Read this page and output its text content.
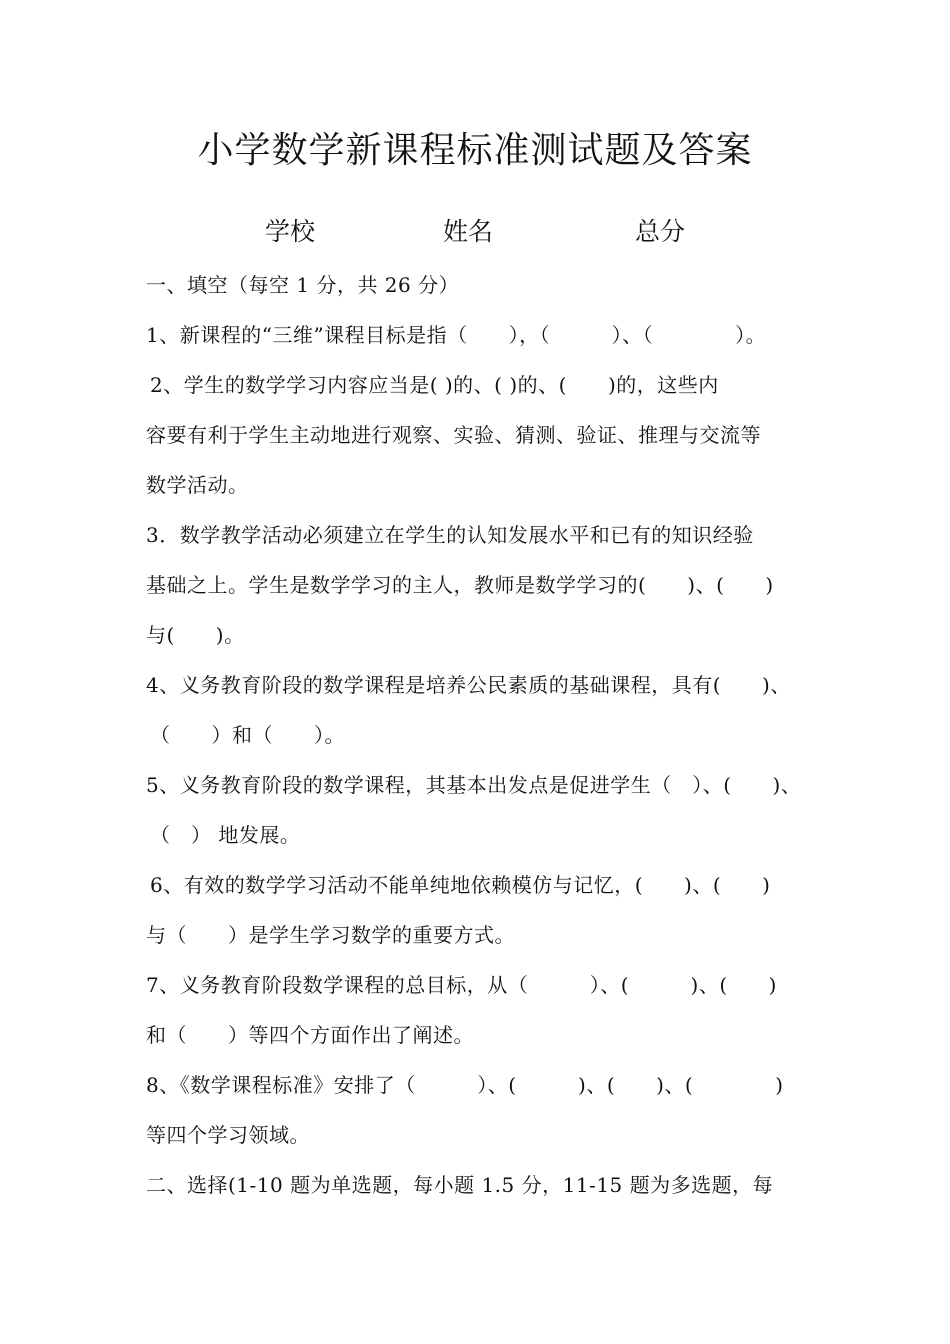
小学数学新课程标准测试题及答案
学校	姓名	总分
一、填空（每空 1 分，共 26 分）
1、新课程的“三维”课程目标是指（　　），（　　　）、（　　　　）。
2、学生的数学学习内容应当是( )的、( )的、(　　)的，这些内
容要有利于学生主动地进行观察、实验、猜测、验证、推理与交流等
数学活动。
3．数学教学活动必须建立在学生的认知发展水平和已有的知识经验
基础之上。学生是数学学习的主人，教师是数学学习的(　　)、(　　)
与(　　)。
4、义务教育阶段的数学课程是培养公民素质的基础课程，具有(　　)、
（　　）和（　　）。
5、义务教育阶段的数学课程，其基本出发点是促进学生（　）、(　　)、
（　） 地发展。
6、有效的数学学习活动不能单纯地依赖模仿与记忆，(　　)、(　　)
与（　　）是学生学习数学的重要方式。
7、义务教育阶段数学课程的总目标，从（　　　）、(　　　)、(　　)
和（　　）等四个方面作出了阐述。
8、《数学课程标准》安排了（　　　）、(　　　)、(　　)、(　　　　)
等四个学习领域。
二、选择(1-10 题为单选题，每小题 1.5 分，11-15 题为多选题，每
